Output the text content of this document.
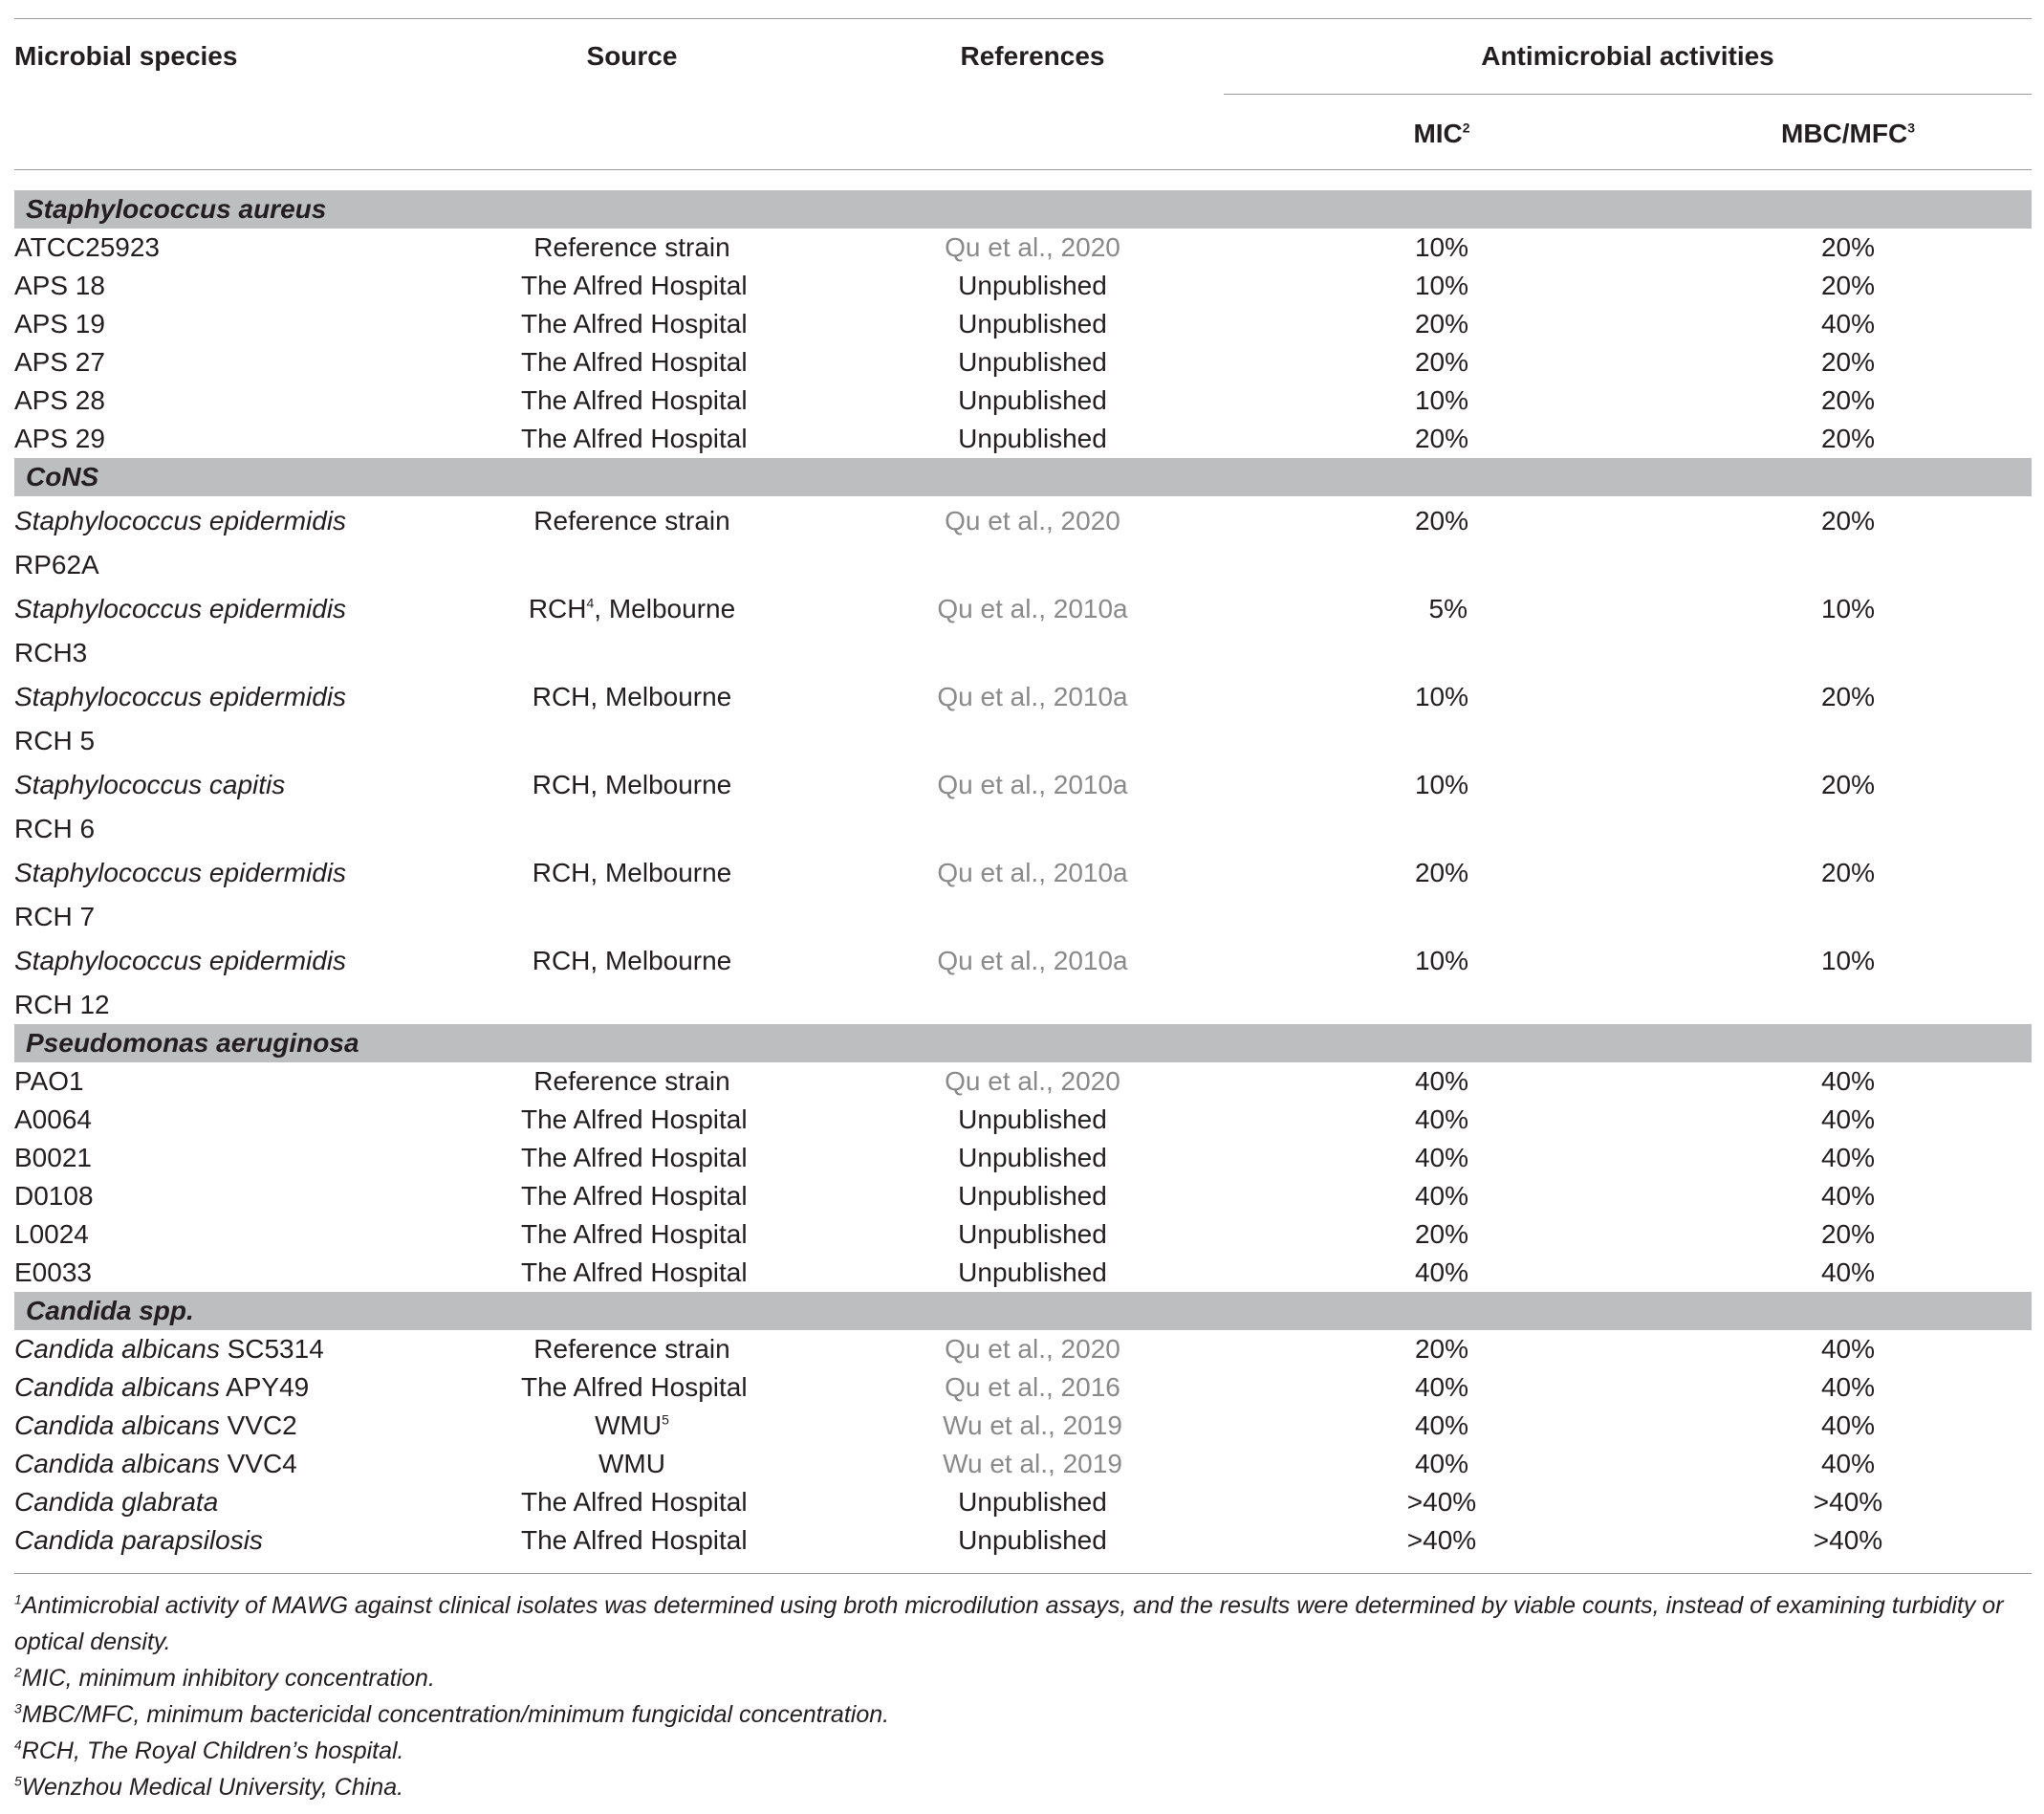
Microbial species	Source	References	Antimicrobial activities
MIC$^2$	MBC/MFC$^3$
Staphylococcus aureus								
ATCC25923	Reference strain		Qu et al., 2020		10%		20%	
APS 18	The Alfred Hospital		Unpublished		10%		20%	
APS 19	The Alfred Hospital		Unpublished		20%		40%	
APS 27	The Alfred Hospital		Unpublished		20%		20%	
APS 28	The Alfred Hospital		Unpublished		10%		20%	
APS 29	The Alfred Hospital		Unpublished		20%		20%	
CoNS								
Staphylococcus epidermidis	Reference strain		Qu et al., 2020		20%		20%	
RP62A								
Staphylococcus epidermidis	RCH$^4$, Melbourne		Qu et al., 2010a		5%		10%	
RCH3								
Staphylococcus epidermidis	RCH, Melbourne		Qu et al., 2010a		10%		20%	
RCH 5								
Staphylococcus capitis	RCH, Melbourne		Qu et al., 2010a		10%		20%	
RCH 6								
Staphylococcus epidermidis	RCH, Melbourne		Qu et al., 2010a		20%		20%	
RCH 7								
Staphylococcus epidermidis	RCH, Melbourne		Qu et al., 2010a		10%		10%	
RCH 12								
Pseudomonas aeruginosa								
PAO1	Reference strain		Qu et al., 2020		40%		40%	
A0064	The Alfred Hospital		Unpublished		40%		40%	
B0021	The Alfred Hospital		Unpublished		40%		40%	
D0108	The Alfred Hospital		Unpublished		40%		40%	
L0024	The Alfred Hospital		Unpublished		20%		20%	
E0033	The Alfred Hospital		Unpublished		40%		40%	
Candida spp.								
Candida albicans SC5314	Reference strain		Qu et al., 2020		20%		40%	
Candida albicans APY49	The Alfred Hospital		Qu et al., 2016		40%		40%	
Candida albicans VVC2	WMU$^5$		Wu et al., 2019		40%		40%	
Candida albicans VVC4	WMU		Wu et al., 2019		40%		40%	
Candida glabrata	The Alfred Hospital		Unpublished		>40%		>40%	
Candida parapsilosis	The Alfred Hospital		Unpublished		>40%		>40%	

$^1$Antimicrobial activity of MAWG against clinical isolates was determined using broth microdilution assays, and the results were determined by viable counts, instead of examining turbidity or optical density.

$^2$MIC, minimum inhibitory concentration.

$^3$MBC/MFC, minimum bactericidal concentration/minimum fungicidal concentration.

$^4$RCH, The Royal Children’s hospital.

$^5$Wenzhou Medical University, China.
